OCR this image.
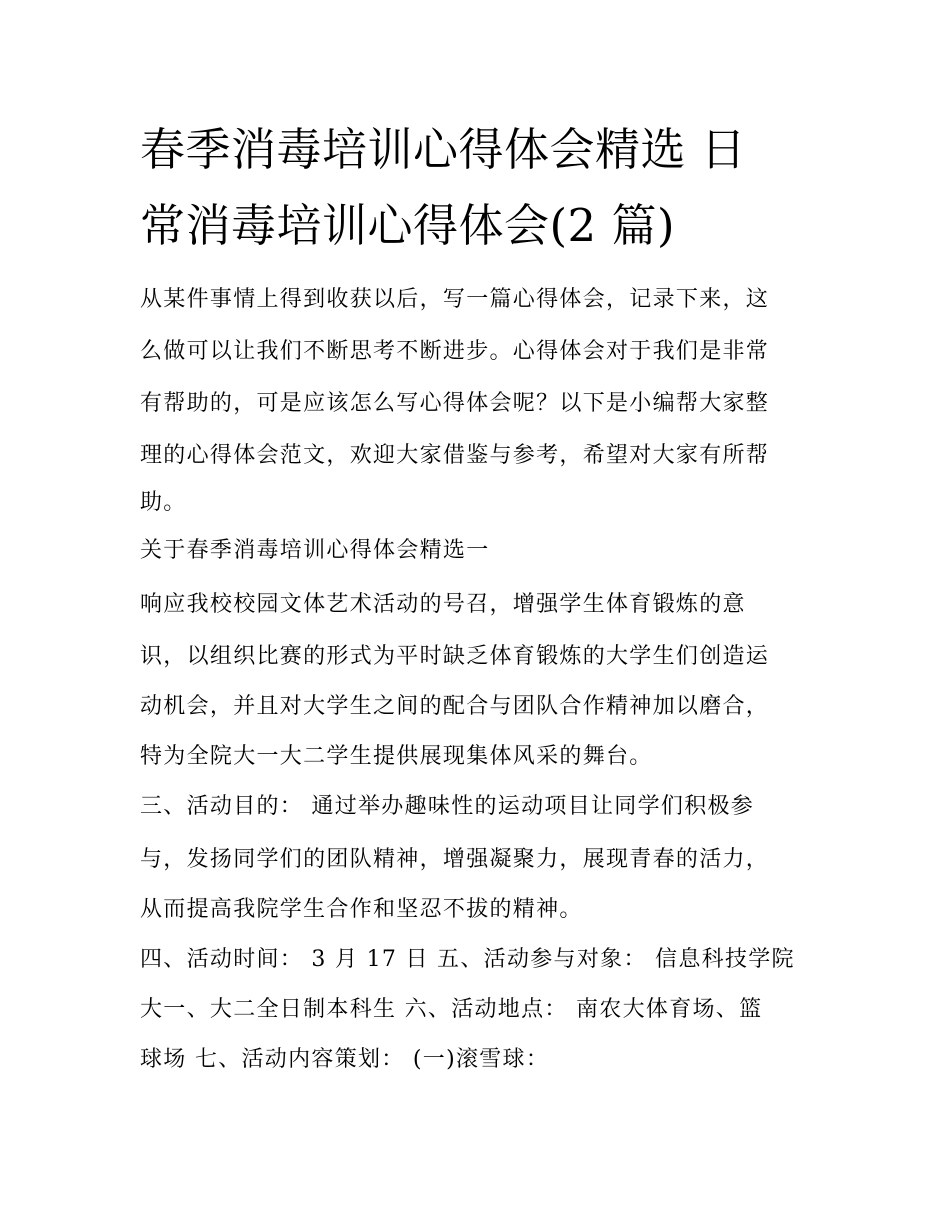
春季消毒培训心得体会精选 日
常消毒培训心得体会(2 篇)

从某件事情上得到收获以后，写一篇心得体会，记录下来，这

么做可以让我们不断思考不断进步。心得体会对于我们是非常

有帮助的，可是应该怎么写心得体会呢？以下是小编帮大家整

理的心得体会范文，欢迎大家借鉴与参考，希望对大家有所帮

助。

关于春季消毒培训心得体会精选一

响应我校校园文体艺术活动的号召，增强学生体育锻炼的意

识，以组织比赛的形式为平时缺乏体育锻炼的大学生们创造运

动机会，并且对大学生之间的配合与团队合作精神加以磨合，

特为全院大一大二学生提供展现集体风采的舞台。

三、活动目的： 通过举办趣味性的运动项目让同学们积极参

与，发扬同学们的团队精神，增强凝聚力，展现青春的活力，

从而提高我院学生合作和坚忍不拔的精神。

四、活动时间： 3 月 17 日 五、活动参与对象： 信息科技学院

大一、大二全日制本科生 六、活动地点： 南农大体育场、篮

球场 七、活动内容策划： (一)滚雪球：
